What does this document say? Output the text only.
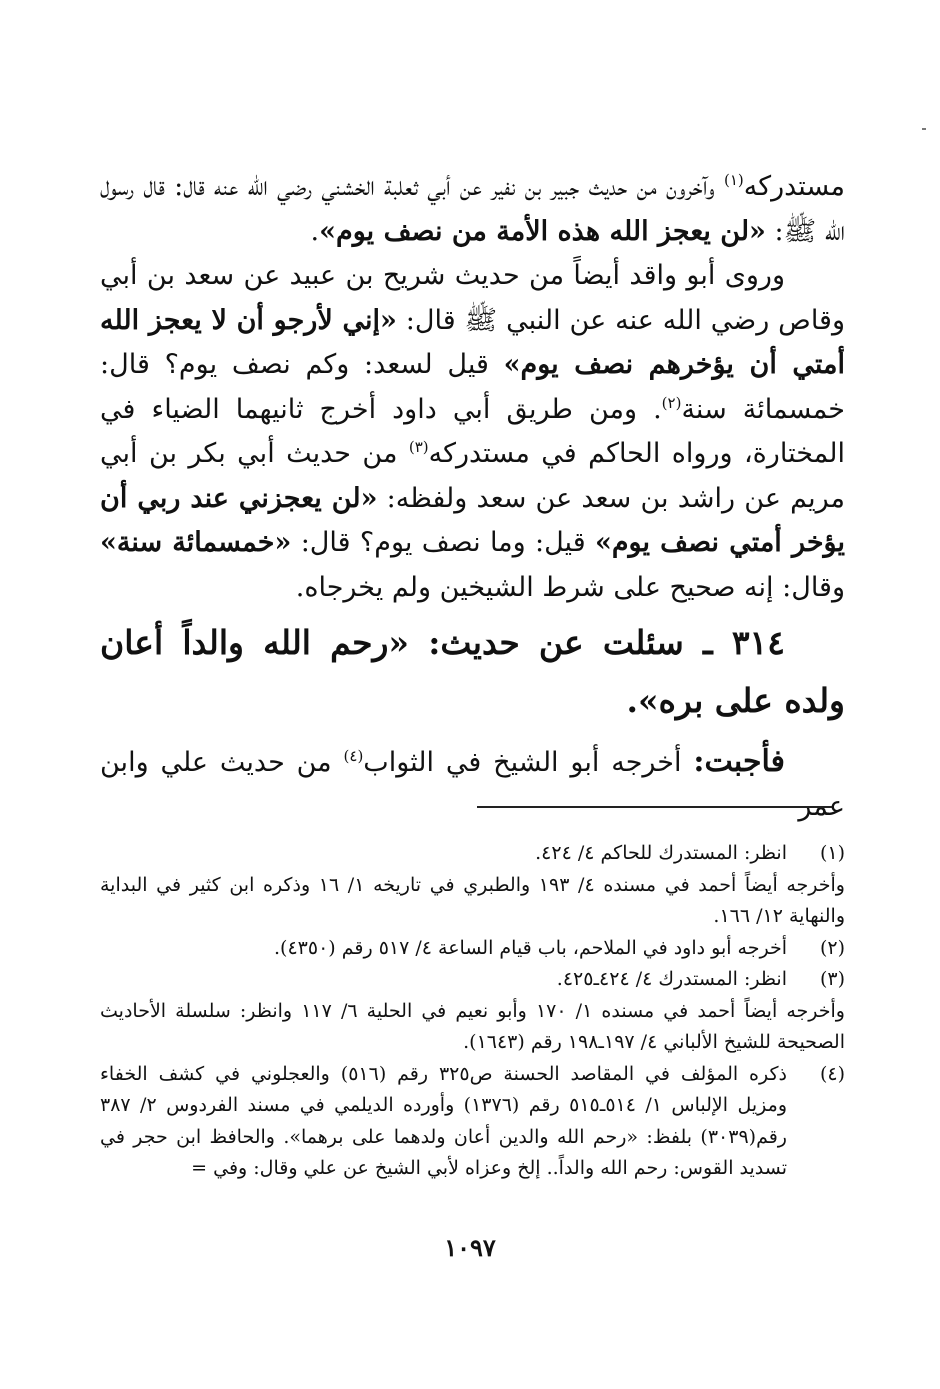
مستدركه$^{(١)}$ وآخرون من حديث جبير بن نفير عن أبي ثعلبة الخشني رضي الله عنه قال: قال رسول الله ﷺ: «لن يعجز الله هذه الأمة من نصف يوم».

وروى أبو واقد أيضاً من حديث شريح بن عبيد عن سعد بن أبي وقاص رضي الله عنه عن النبي ﷺ قال: «إني لأرجو أن لا يعجز الله أمتي أن يؤخرهم نصف يوم» قيل لسعد: وكم نصف يوم؟ قال: خمسمائة سنة$^{(٢)}$. ومن طريق أبي داود أخرج ثانيهما الضياء في المختارة، ورواه الحاكم في مستدركه$^{(٣)}$ من حديث أبي بكر بن أبي مريم عن راشد بن سعد عن سعد ولفظه: «لن يعجزني عند ربي أن يؤخر أمتي نصف يوم» قيل: وما نصف يوم؟ قال: «خمسمائة سنة» وقال: إنه صحيح على شرط الشيخين ولم يخرجاه.

٣١٤ ـ سئلت عن حديث: «رحم الله والداً أعان ولده على بره».

فأجبت: أخرجه أبو الشيخ في الثواب$^{(٤)}$ من حديث علي وابن عمر

(١)
انظر: المستدرك للحاكم ٤/ ٤٢٤.
وأخرجه أيضاً أحمد في مسنده ٤/ ١٩٣ والطبري في تاريخه ١/ ١٦ وذكره ابن كثير في البداية والنهاية ١٢/ ١٦٦.
(٢)
أخرجه أبو داود في الملاحم، باب قيام الساعة ٤/ ٥١٧ رقم (٤٣٥٠).
(٣)
انظر: المستدرك ٤/ ٤٢٤ـ٤٢٥.
وأخرجه أيضاً أحمد في مسنده ١/ ١٧٠ وأبو نعيم في الحلية ٦/ ١١٧ وانظر: سلسلة الأحاديث الصحيحة للشيخ الألباني ٤/ ١٩٧ـ١٩٨ رقم (١٦٤٣).
(٤)
ذكره المؤلف في المقاصد الحسنة ص٣٢٥ رقم (٥١٦) والعجلوني في كشف الخفاء ومزيل الإلباس ١/ ٥١٤ـ٥١٥ رقم (١٣٧٦) وأورده الديلمي في مسند الفردوس ٢/ ٣٨٧ رقم(٣٠٣٩) بلفظ: «رحم الله والدين أعان ولدهما على برهما». والحافظ ابن حجر في تسديد القوس: رحم الله والداً.. إلخ وعزاه لأبي الشيخ عن علي وقال: وفي =
١٠٩٧
